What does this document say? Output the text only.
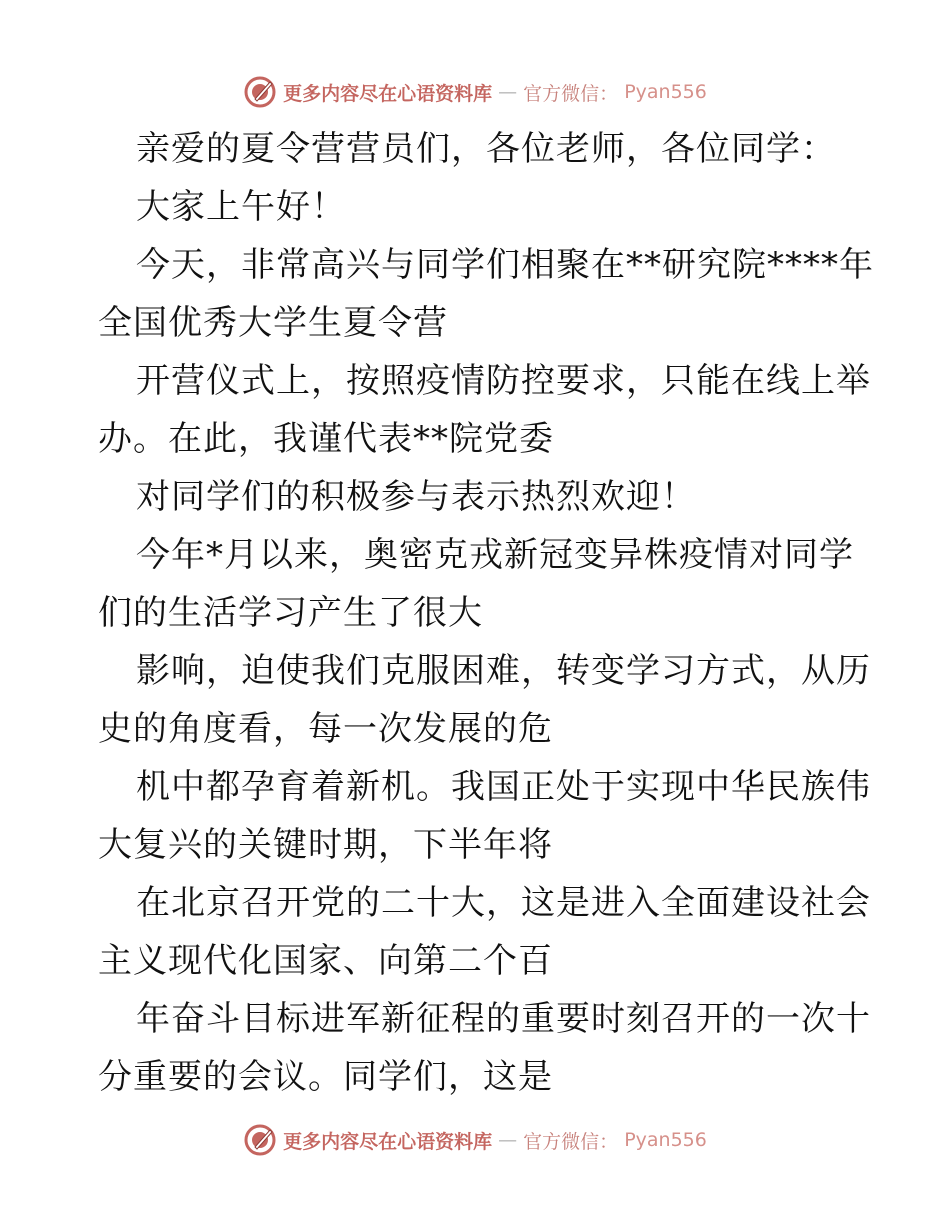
更多内容尽在心语资料库 — 官方微信： Pyan556
亲爱的夏令营营员们，各位老师，各位同学：
大家上午好！
今天，非常高兴与同学们相聚在**研究院****年
全国优秀大学生夏令营
开营仪式上，按照疫情防控要求，只能在线上举
办。在此，我谨代表**院党委
对同学们的积极参与表示热烈欢迎！
今年*月以来，奥密克戎新冠变异株疫情对同学
们的生活学习产生了很大
影响，迫使我们克服困难，转变学习方式，从历
史的角度看，每一次发展的危
机中都孕育着新机。我国正处于实现中华民族伟
大复兴的关键时期，下半年将
在北京召开党的二十大，这是进入全面建设社会
主义现代化国家、向第二个百
年奋斗目标进军新征程的重要时刻召开的一次十
分重要的会议。同学们，这是
更多内容尽在心语资料库 — 官方微信： Pyan556
